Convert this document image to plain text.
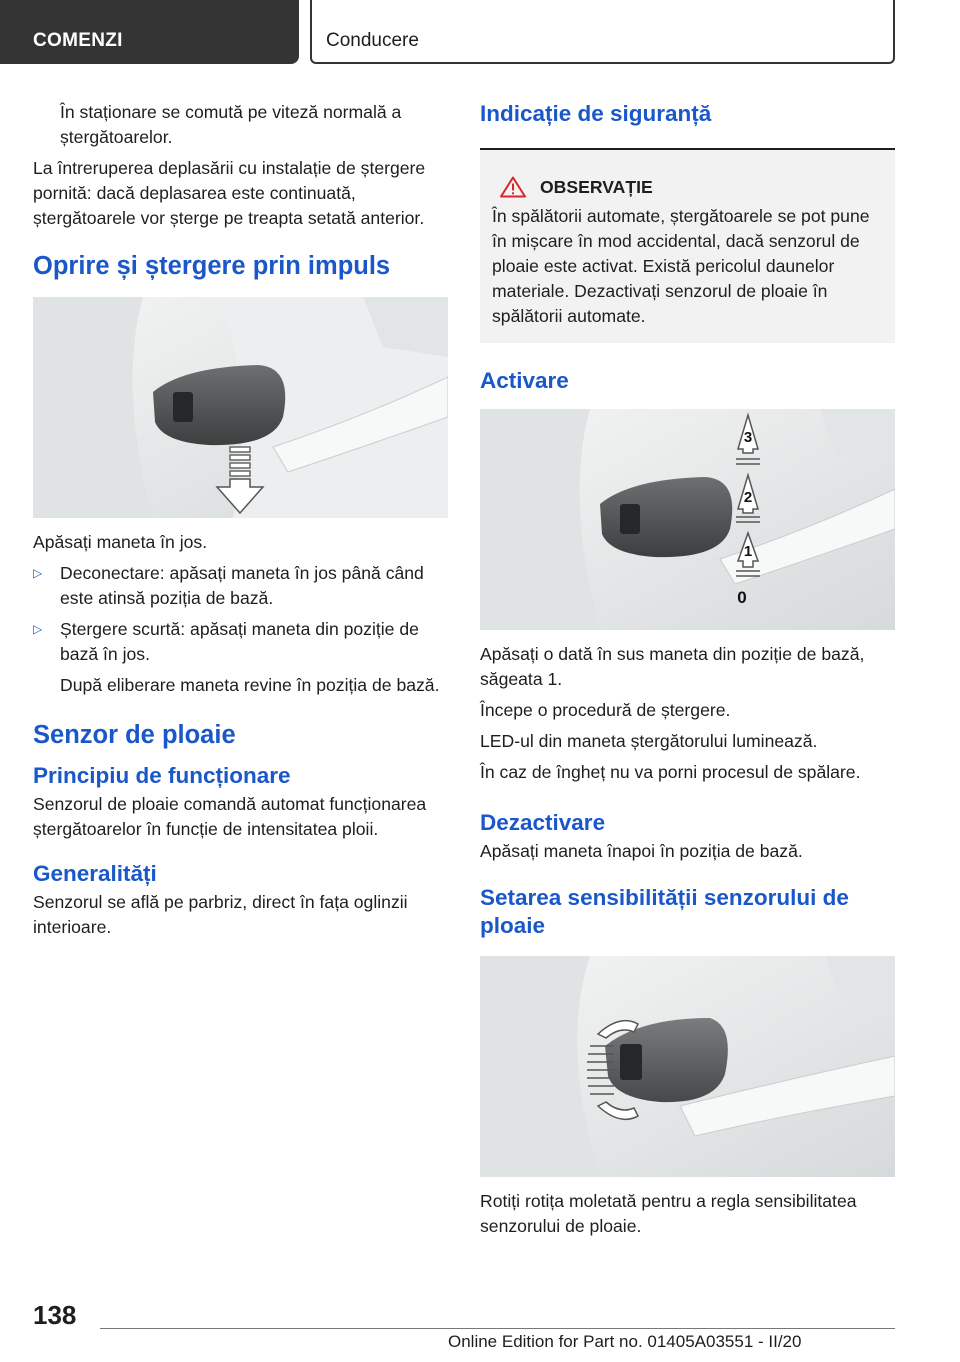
COMENZI	Conducere

În staționare se comută pe viteză normală a ștergătoarelor.

La întreruperea deplasării cu instalație de ștergere pornită: dacă deplasarea este continuată, ștergătoarele vor șterge pe treapta setată anterior.

Oprire și ștergere prin impuls

Apăsați maneta în jos.

▷ Deconectare: apăsați maneta în jos până când este atinsă poziția de bază.
▷ Ștergere scurtă: apăsați maneta din poziție de bază în jos.

După eliberare maneta revine în poziția de bază.

Senzor de ploaie
Principiu de funcționare

Senzorul de ploaie comandă automat funcționarea ștergătoarelor în funcție de intensitatea ploii.

Generalități

Senzorul se află pe parbriz, direct în fața oglinzii interioare.

Indicație de siguranță
OBSERVAȚIE

În spălătorii automate, ștergătoarele se pot pune în mișcare în mod accidental, dacă senzorul de ploaie este activat. Există pericolul daunelor materiale. Dezactivați senzorul de ploaie în spălătorii automate.

Activare
3
2
1
0

Apăsați o dată în sus maneta din poziție de bază, săgeata 1.

Începe o procedură de ștergere.

LED-ul din maneta ștergătorului luminează.

În caz de îngheț nu va porni procesul de spălare.

Dezactivare

Apăsați maneta înapoi în poziția de bază.

Setarea sensibilității senzorului de ploaie

Rotiți rotița moletată pentru a regla sensibilitatea senzorului de ploaie.

138
Online Edition for Part no. 01405A03551 - II/20
